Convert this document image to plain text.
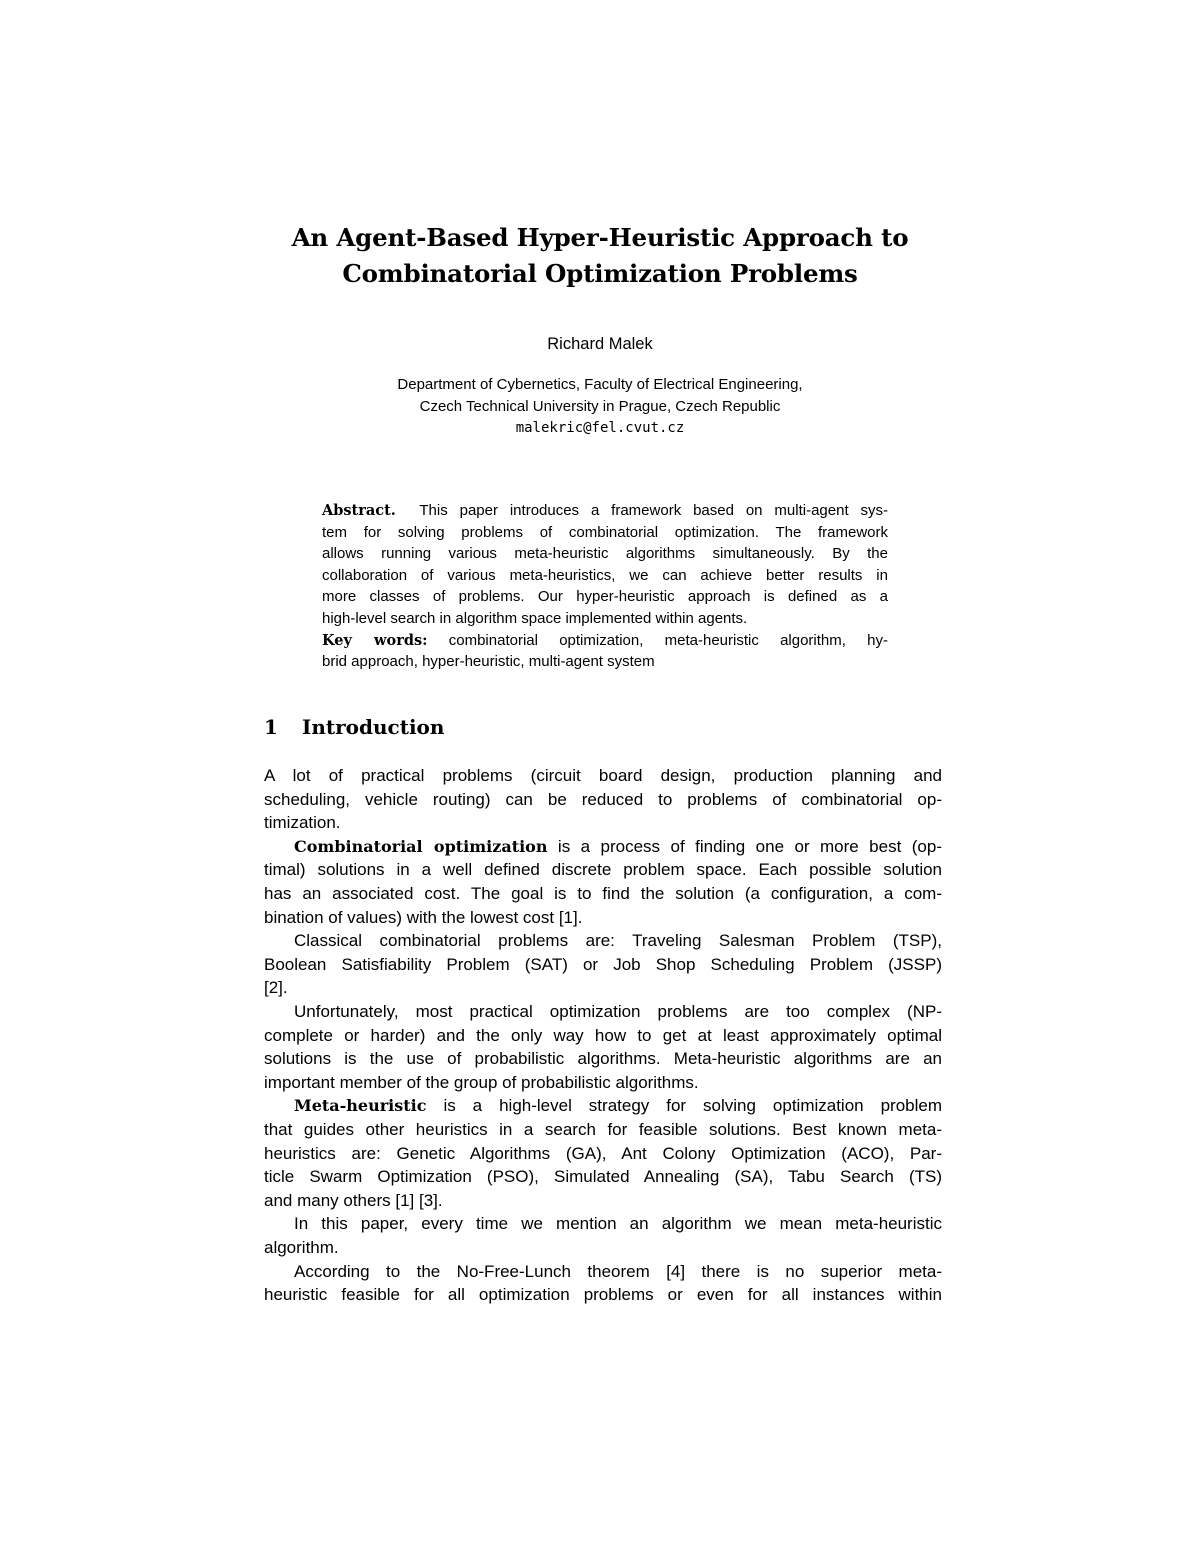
An Agent-Based Hyper-Heuristic Approach to
Combinatorial Optimization Problems
Richard Malek
Department of Cybernetics, Faculty of Electrical Engineering,
Czech Technical University in Prague, Czech Republic
malekric@fel.cvut.cz
Abstract. This paper introduces a framework based on multi-agent sys-
tem for solving problems of combinatorial optimization. The framework
allows running various meta-heuristic algorithms simultaneously. By the
collaboration of various meta-heuristics, we can achieve better results in
more classes of problems. Our hyper-heuristic approach is defined as a
high-level search in algorithm space implemented within agents.
Key words: combinatorial optimization, meta-heuristic algorithm, hy-
brid approach, hyper-heuristic, multi-agent system
1 Introduction
A lot of practical problems (circuit board design, production planning and
scheduling, vehicle routing) can be reduced to problems of combinatorial op-
timization.
Combinatorial optimization is a process of finding one or more best (op-
timal) solutions in a well defined discrete problem space. Each possible solution
has an associated cost. The goal is to find the solution (a configuration, a com-
bination of values) with the lowest cost [1].
Classical combinatorial problems are: Traveling Salesman Problem (TSP),
Boolean Satisfiability Problem (SAT) or Job Shop Scheduling Problem (JSSP)
[2].
Unfortunately, most practical optimization problems are too complex (NP-
complete or harder) and the only way how to get at least approximately optimal
solutions is the use of probabilistic algorithms. Meta-heuristic algorithms are an
important member of the group of probabilistic algorithms.
Meta-heuristic is a high-level strategy for solving optimization problem
that guides other heuristics in a search for feasible solutions. Best known meta-
heuristics are: Genetic Algorithms (GA), Ant Colony Optimization (ACO), Par-
ticle Swarm Optimization (PSO), Simulated Annealing (SA), Tabu Search (TS)
and many others [1] [3].
In this paper, every time we mention an algorithm we mean meta-heuristic
algorithm.
According to the No-Free-Lunch theorem [4] there is no superior meta-
heuristic feasible for all optimization problems or even for all instances within
